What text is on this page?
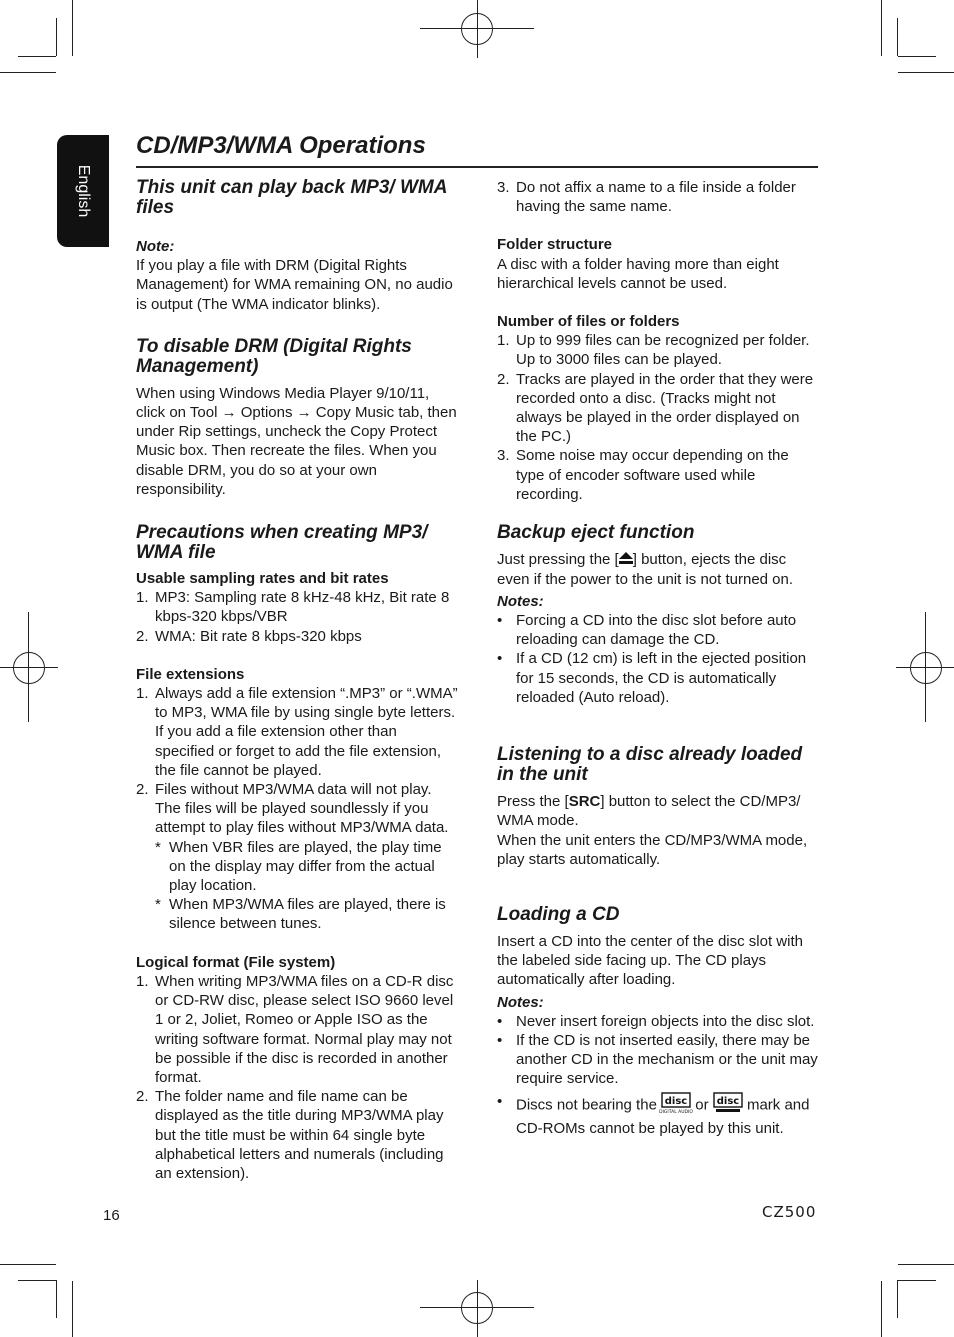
English
CD/MP3/WMA Operations
This unit can play back MP3/ WMA files

Note:

If you play a file with DRM (Digital Rights Management) for WMA remaining ON, no audio is output (The WMA indicator blinks).

To disable DRM (Digital Rights Management)

When using Windows Media Player 9/10/11, click on Tool → Options → Copy Music tab, then under Rip settings, uncheck the Copy Protect Music box. Then recreate the files. When you disable DRM, you do so at your own responsibility.

Precautions when creating MP3/ WMA file

Usable sampling rates and bit rates

1. MP3: Sampling rate 8 kHz-48 kHz, Bit rate 8 kbps-320 kbps/VBR
2. WMA: Bit rate 8 kbps-320 kbps

File extensions

1. Always add a file extension “.MP3” or “.WMA” to MP3, WMA file by using single byte letters. If you add a file extension other than specified or forget to add the file extension, the file cannot be played.
2. Files without MP3/WMA data will not play. The files will be played soundlessly if you attempt to play files without MP3/WMA data.
* When VBR files are played, the play time on the display may differ from the actual play location.
* When MP3/WMA files are played, there is silence between tunes.

Logical format (File system)

1. When writing MP3/WMA files on a CD-R disc or CD-RW disc, please select ISO 9660 level 1 or 2, Joliet, Romeo or Apple ISO as the writing software format. Normal play may not be possible if the disc is recorded in another format.
2. The folder name and file name can be displayed as the title during MP3/WMA play but the title must be within 64 single byte alphabetical letters and numerals (including an extension).
3. Do not affix a name to a file inside a folder having the same name.

Folder structure

A disc with a folder having more than eight hierarchical levels cannot be used.

Number of files or folders

1. Up to 999 files can be recognized per folder.
Up to 3000 files can be played.
2. Tracks are played in the order that they were recorded onto a disc. (Tracks might not always be played in the order displayed on the PC.)
3. Some noise may occur depending on the type of encoder software used while recording.
Backup eject function

Just pressing the [ ] button, ejects the disc even if the power to the unit is not turned on.

Notes:

• Forcing a CD into the disc slot before auto reloading can damage the CD.
• If a CD (12 cm) is left in the ejected position for 15 seconds, the CD is automatically reloaded (Auto reload).
Listening to a disc already loaded in the unit

Press the [SRC] button to select the CD/MP3/ WMA mode.

When the unit enters the CD/MP3/WMA mode, play starts automatically.

Loading a CD

Insert a CD into the center of the disc slot with the labeled side facing up. The CD plays automatically after loading.

Notes:

• Never insert foreign objects into the disc slot.
• If the CD is not inserted easily, there may be another CD in the mechanism or the unit may require service.
• Discs not bearing the disc
DIGITAL AUDIO or disc mark and CD-ROMs cannot be played by this unit.
16	CZ500
